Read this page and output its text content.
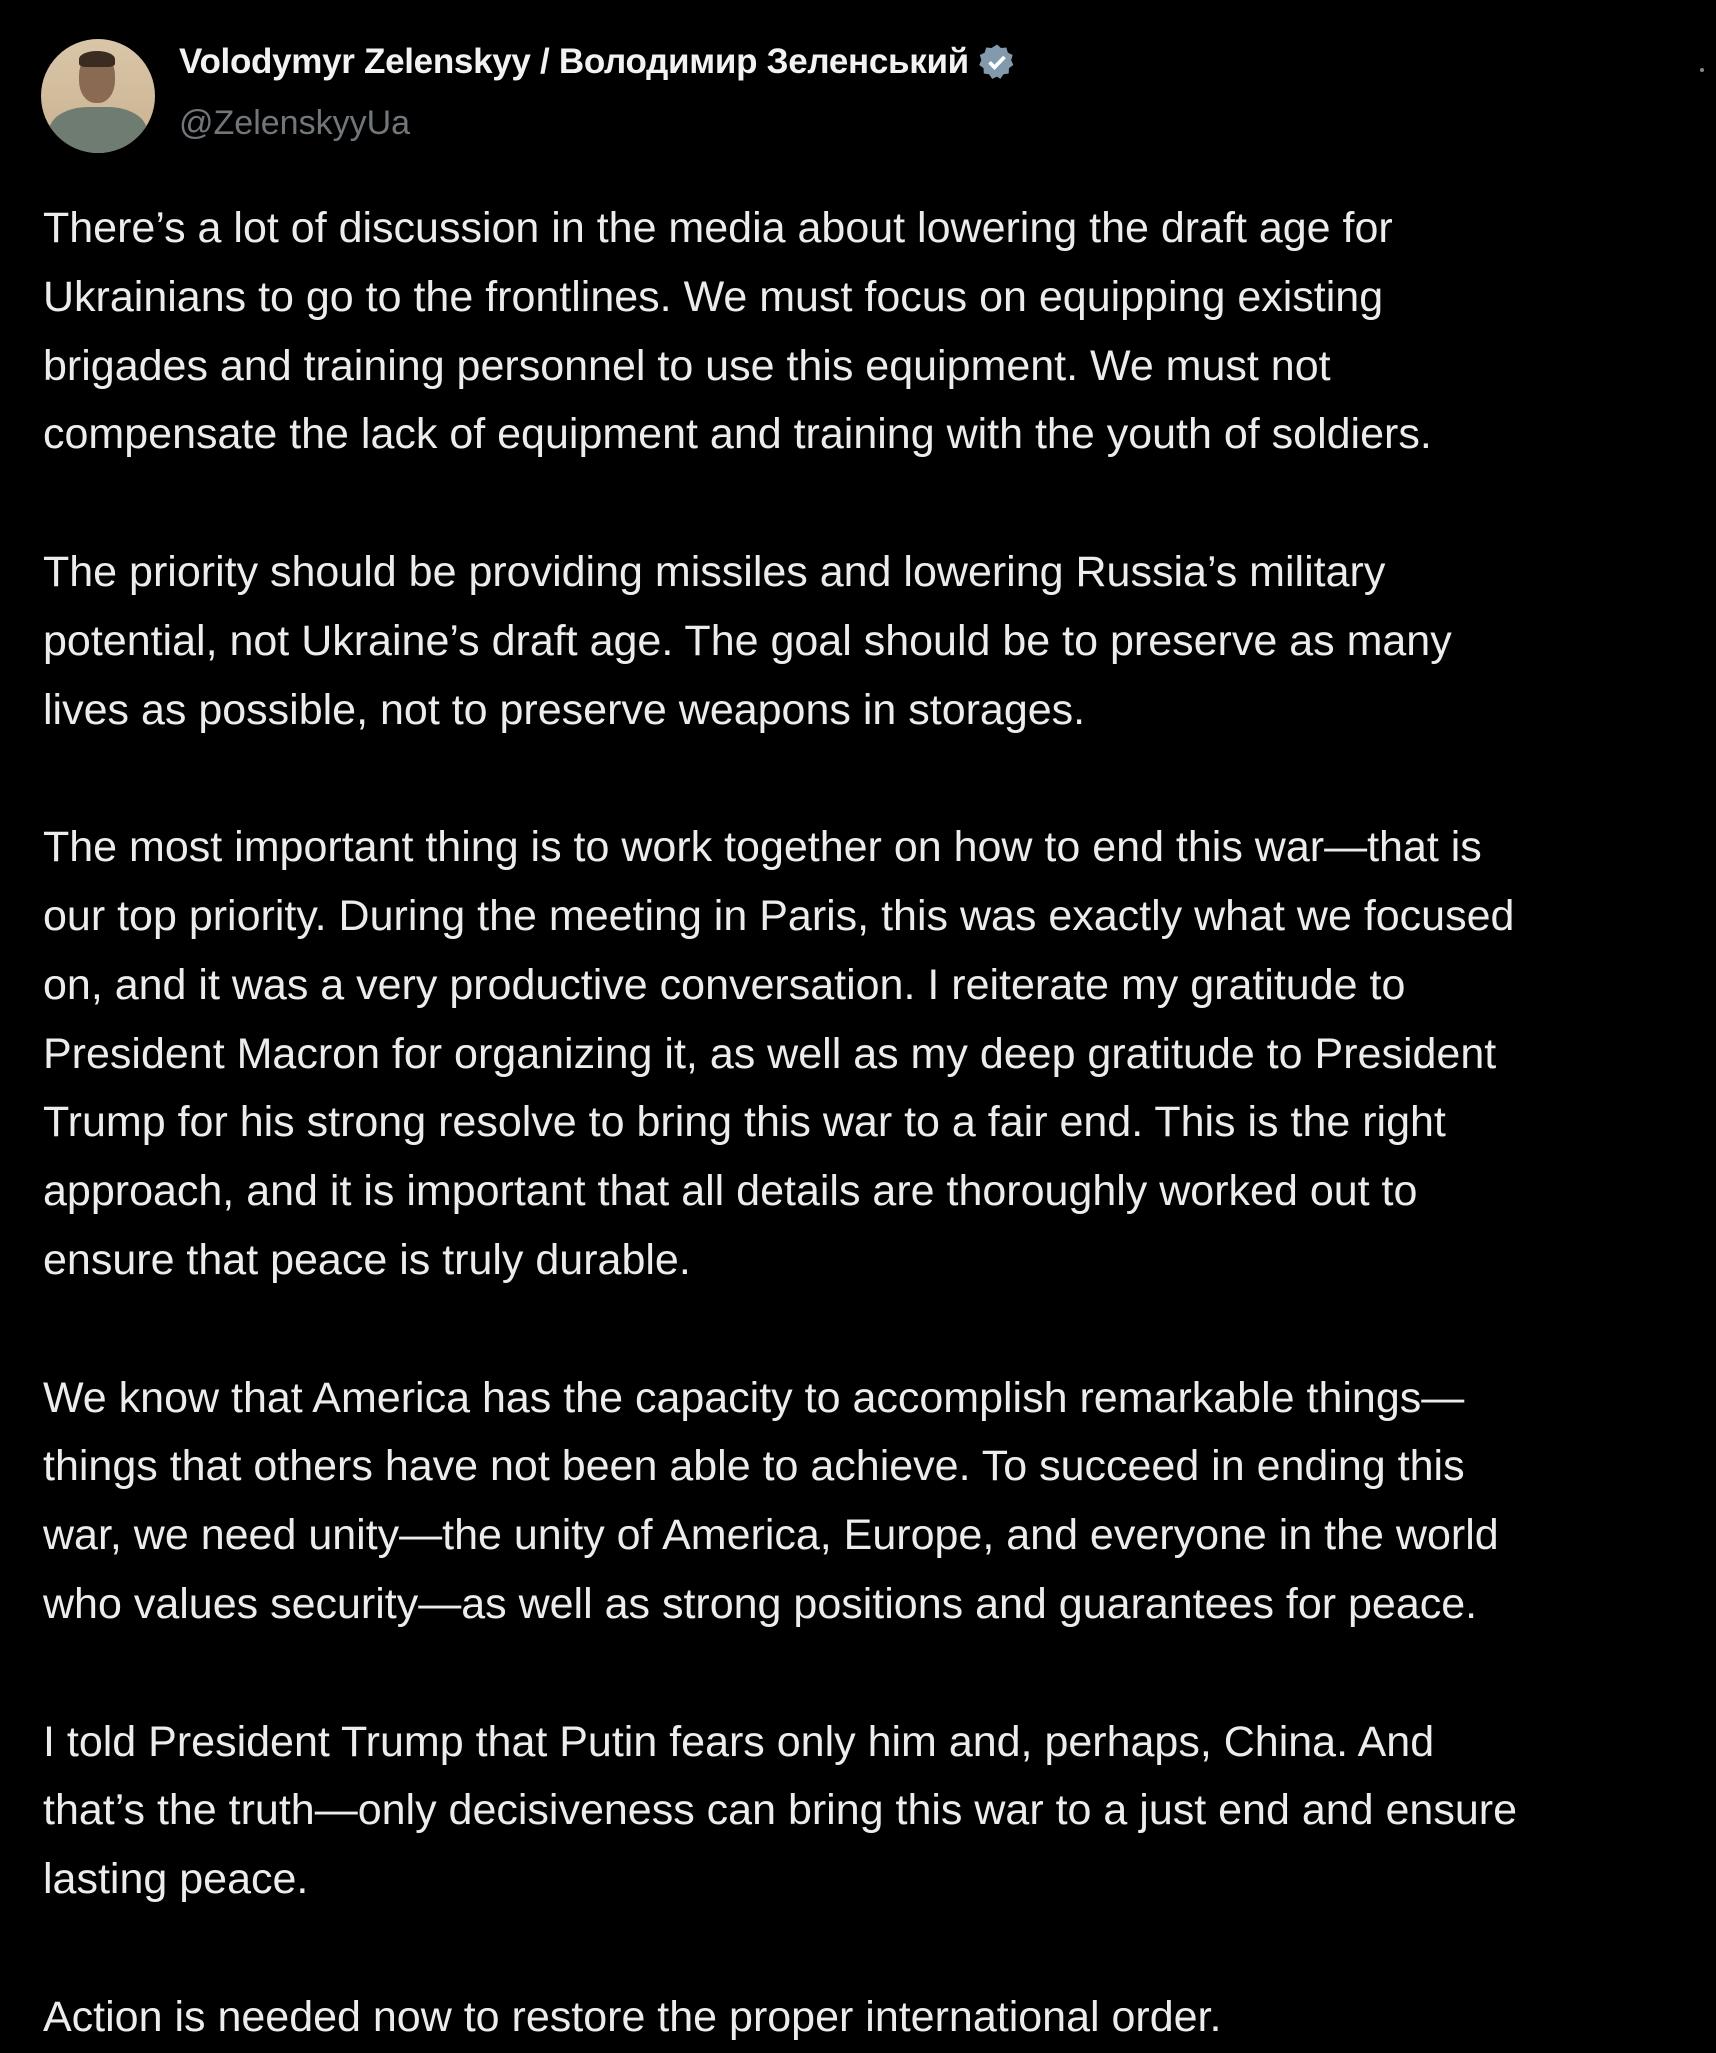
Volodymyr Zelenskyy / Володимир Зеленський
@ZelenskyyUa
There’s a lot of discussion in the media about lowering the draft age for
Ukrainians to go to the frontlines. We must focus on equipping existing
brigades and training personnel to use this equipment. We must not
compensate the lack of equipment and training with the youth of soldiers.
The priority should be providing missiles and lowering Russia’s military
potential, not Ukraine’s draft age. The goal should be to preserve as many
lives as possible, not to preserve weapons in storages.
The most important thing is to work together on how to end this war—that is
our top priority. During the meeting in Paris, this was exactly what we focused
on, and it was a very productive conversation. I reiterate my gratitude to
President Macron for organizing it, as well as my deep gratitude to President
Trump for his strong resolve to bring this war to a fair end. This is the right
approach, and it is important that all details are thoroughly worked out to
ensure that peace is truly durable.
We know that America has the capacity to accomplish remarkable things—
things that others have not been able to achieve. To succeed in ending this
war, we need unity—the unity of America, Europe, and everyone in the world
who values security—as well as strong positions and guarantees for peace.
I told President Trump that Putin fears only him and, perhaps, China. And
that’s the truth—only decisiveness can bring this war to a just end and ensure
lasting peace.
Action is needed now to restore the proper international order.
